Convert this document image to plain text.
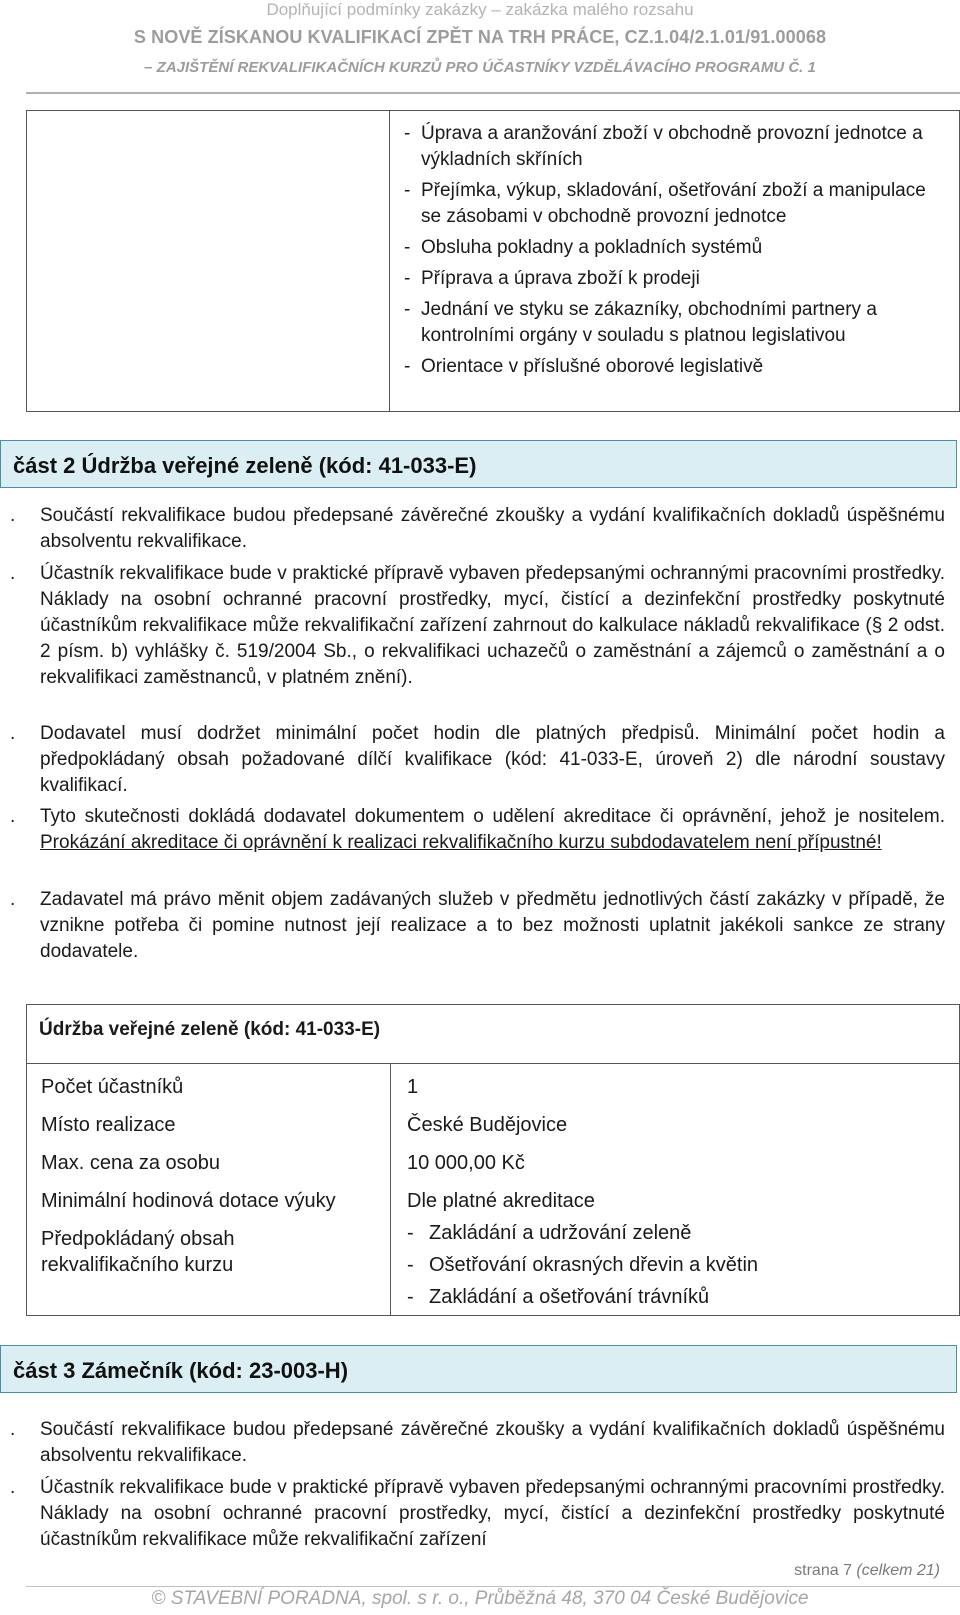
Doplňující podmínky zakázky – zakázka malého rozsahu
S NOVĚ ZÍSKANOU KVALIFIKACÍ ZPĚT NA TRH PRÁCE, CZ.1.04/2.1.01/91.00068
– ZAJIŠTĚNÍ REKVALIFIKAČNÍCH KURZŮ PRO ÚČASTNÍKY VZDĚLÁVACÍHO PROGRAMU Č. 1
- Úprava a aranžování zboží v obchodně provozní jednotce a výkladních skříních
- Přejímka, výkup, skladování, ošetřování zboží a manipulace se zásobami v obchodně provozní jednotce
- Obsluha pokladny a pokladních systémů
- Příprava a úprava zboží k prodeji
- Jednání ve styku se zákazníky, obchodními partnery a kontrolními orgány v souladu s platnou legislativou
- Orientace v příslušné oborové legislativě
část 2 Údržba veřejné zeleně (kód: 41-033-E)
. Součástí rekvalifikace budou předepsané závěrečné zkoušky a vydání kvalifikačních dokladů úspěšnému absolventu rekvalifikace.
. Účastník rekvalifikace bude v praktické přípravě vybaven předepsanými ochrannými pracovními prostředky. Náklady na osobní ochranné pracovní prostředky, mycí, čistící a dezinfekční prostředky poskytnuté účastníkům rekvalifikace může rekvalifikační zařízení zahrnout do kalkulace nákladů rekvalifikace (§ 2 odst. 2 písm. b) vyhlášky č. 519/2004 Sb., o rekvalifikaci uchazečů o zaměstnání a zájemců o zaměstnání a o rekvalifikaci zaměstnanců, v platném znění).
. Dodavatel musí dodržet minimální počet hodin dle platných předpisů. Minimální počet hodin a předpokládaný obsah požadované dílčí kvalifikace (kód: 41-033-E, úroveň 2) dle národní soustavy kvalifikací.
. Tyto skutečnosti dokládá dodavatel dokumentem o udělení akreditace či oprávnění, jehož je nositelem. Prokázání akreditace či oprávnění k realizaci rekvalifikačního kurzu subdodavatelem není přípustné!
. Zadavatel má právo měnit objem zadávaných služeb v předmětu jednotlivých částí zakázky v případě, že vznikne potřeba či pomine nutnost její realizace a to bez možnosti uplatnit jakékoli sankce ze strany dodavatele.
Údržba veřejné zeleně (kód: 41-033-E)
Počet účastníků	1
Místo realizace	České Budějovice
Max. cena za osobu	10 000,00 Kč
Minimální hodinová dotace výuky	Dle platné akreditace
Předpokládaný obsah
rekvalifikačního kurzu
- Zakládání a udržování zeleně
- Ošetřování okrasných dřevin a květin
- Zakládání a ošetřování trávníků
část 3 Zámečník (kód: 23-003-H)
. Součástí rekvalifikace budou předepsané závěrečné zkoušky a vydání kvalifikačních dokladů úspěšnému absolventu rekvalifikace.
. Účastník rekvalifikace bude v praktické přípravě vybaven předepsanými ochrannými pracovními prostředky. Náklady na osobní ochranné pracovní prostředky, mycí, čistící a dezinfekční prostředky poskytnuté účastníkům rekvalifikace může rekvalifikační zařízení
strana 7 (celkem 21)
© STAVEBNÍ PORADNA, spol. s r. o., Průběžná 48, 370 04 České Budějovice
